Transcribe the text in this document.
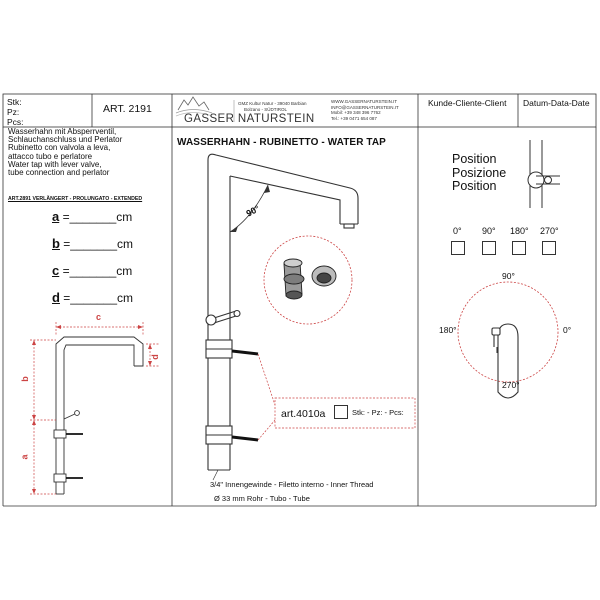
Stk:
Pz:
Pcs:
ART. 2191
GASSER NATURSTEIN
GMZ Kultur Natur - 39040 Barbian
Bolzano - SÜDTIROL
WWW.GASSERNATURSTEIN.IT
INFO@GASSERNATURSTEIN.IT
Mobil: +39 348 396 7762
Tel.: +39 0471 654 087
Kunde-Cliente-Client Datum-Data-Date
WASSERHAHN - RUBINETTO - WATER TAP
Wasserhahn mit Absperrventil,
Schlauchanschluss und Perlator
Rubinetto con valvola a leva,
attacco tubo e perlatore
Water tap with lever valve,
tube connection and perlator
ART.2891 VERLÄNGERT - PROLUNGATO - EXTENDED
a =_______cm
b =_______cm
c =_______cm
d =_______cm
c
d
b
a
90°
art.4010a	Stk: - Pz: - Pcs:
3/4" Innengewinde - Filetto interno - Inner Thread
Ø 33 mm Rohr - Tubo - Tube
Position
Posizione
Position
0° 90° 180° 270°
90°
180°	0°
270°
